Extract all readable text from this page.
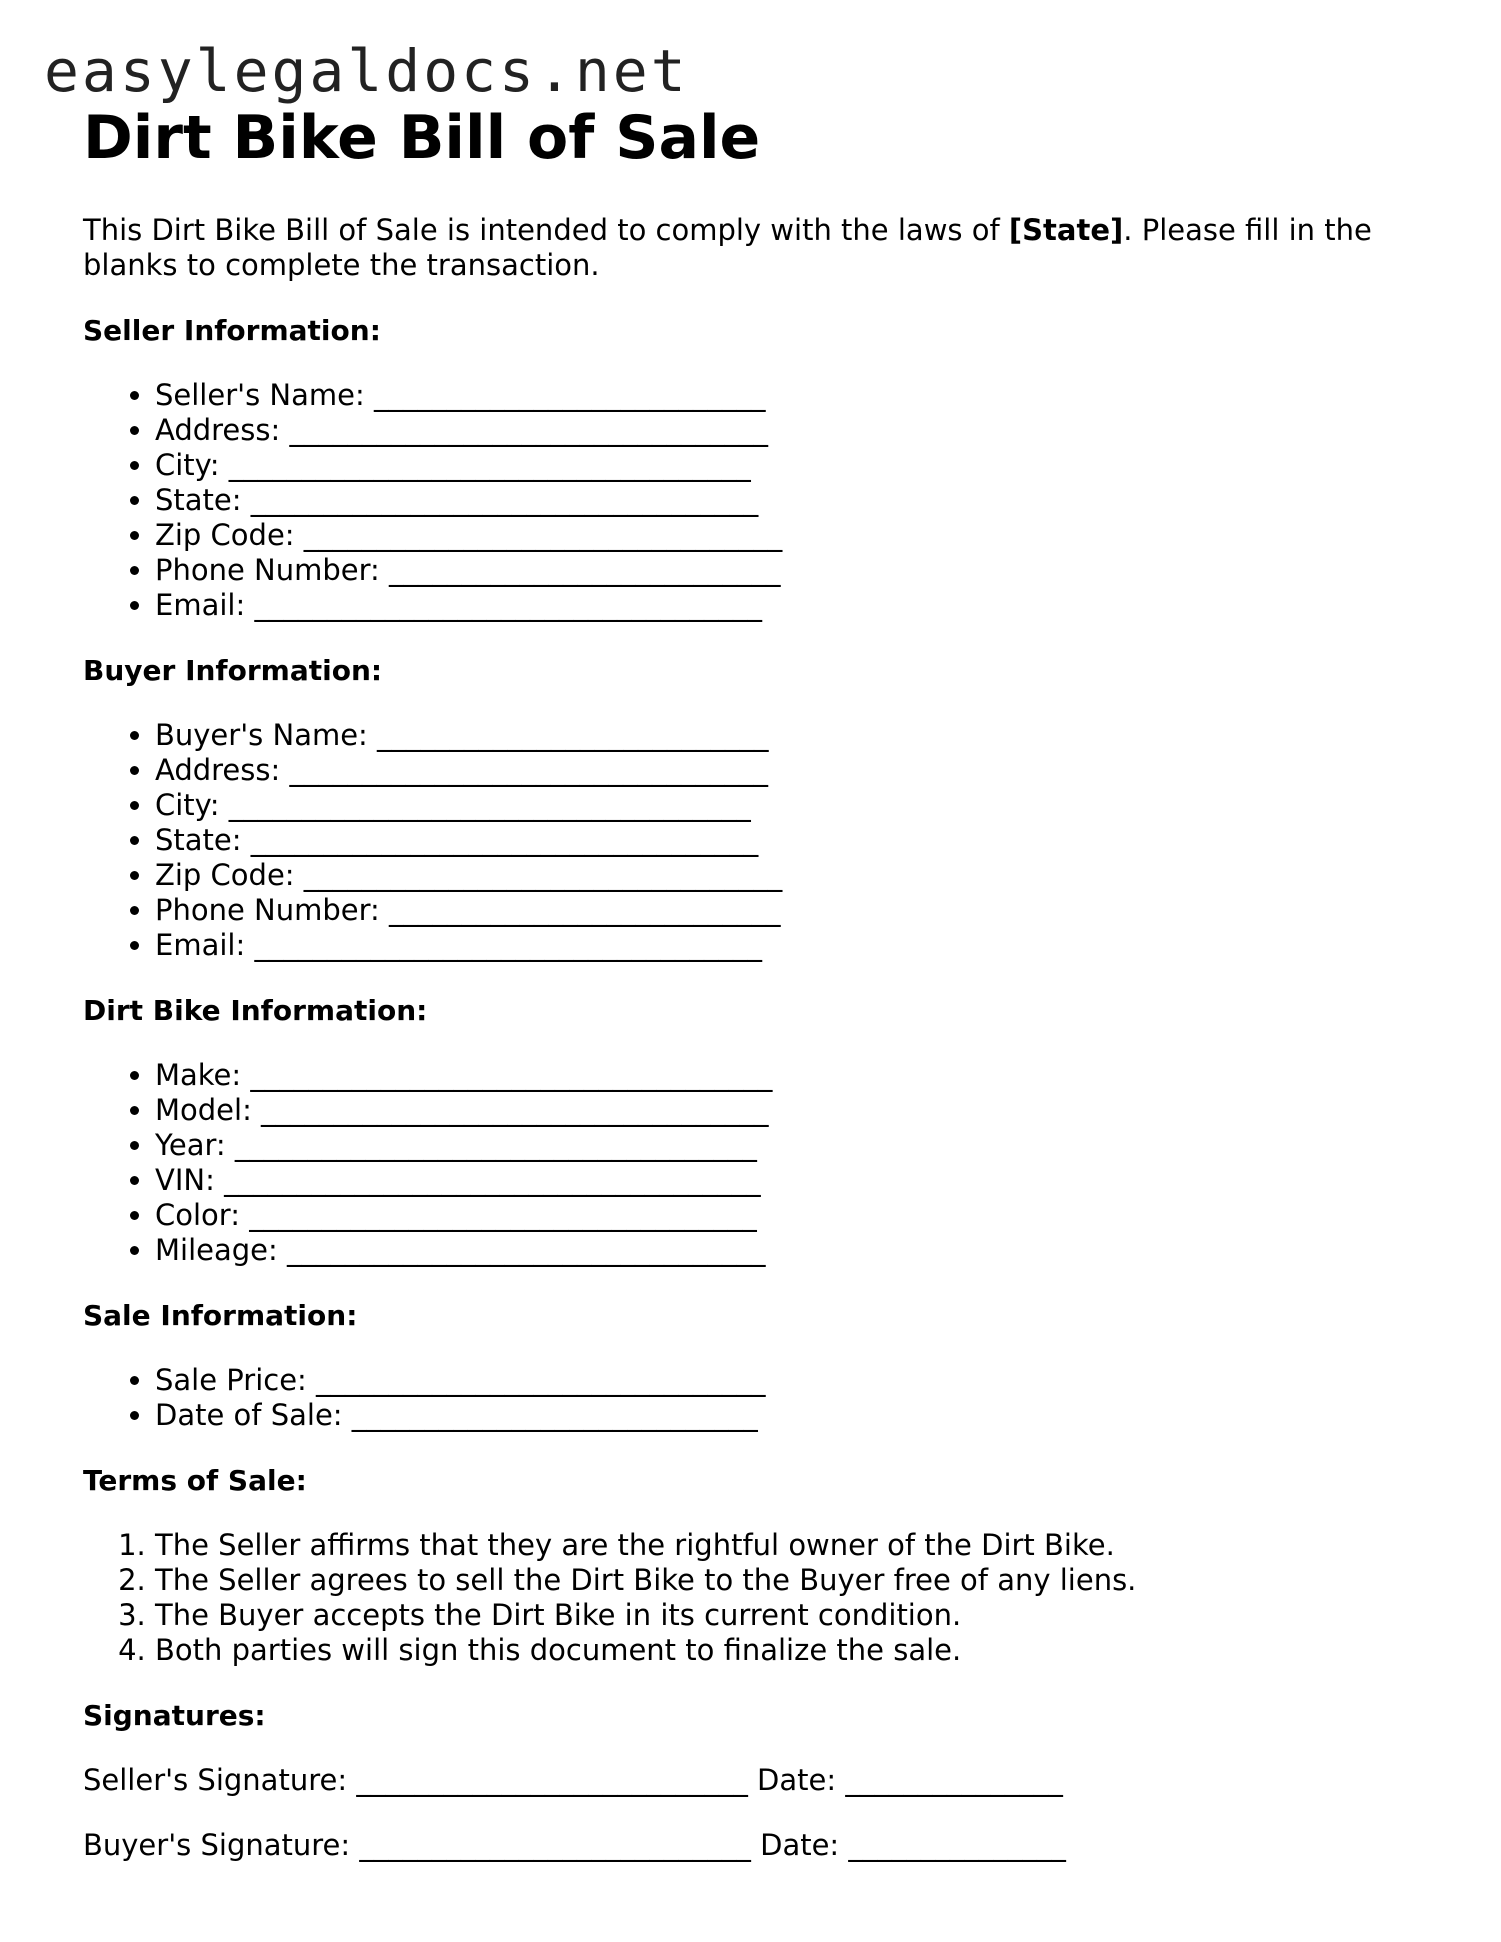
easylegaldocs.net
Dirt Bike Bill of Sale

This Dirt Bike Bill of Sale is intended to comply with the laws of [State]. Please fill in the blanks to complete the transaction.

Seller Information:
• Seller's Name: ___________________________
• Address: _________________________________
• City: ____________________________________
• State: ___________________________________
• Zip Code: _________________________________
• Phone Number: ___________________________
• Email: ___________________________________
Buyer Information:
• Buyer's Name: ___________________________
• Address: _________________________________
• City: ____________________________________
• State: ___________________________________
• Zip Code: _________________________________
• Phone Number: ___________________________
• Email: ___________________________________
Dirt Bike Information:
• Make: ____________________________________
• Model: ___________________________________
• Year: ____________________________________
• VIN: _____________________________________
• Color: ___________________________________
• Mileage: _________________________________
Sale Information:
• Sale Price: _______________________________
• Date of Sale: ____________________________
Terms of Sale:
1. The Seller affirms that they are the rightful owner of the Dirt Bike.
2. The Seller agrees to sell the Dirt Bike to the Buyer free of any liens.
3. The Buyer accepts the Dirt Bike in its current condition.
4. Both parties will sign this document to finalize the sale.
Signatures:

Seller's Signature: ___________________________ Date: _______________

Buyer's Signature: ___________________________ Date: _______________
